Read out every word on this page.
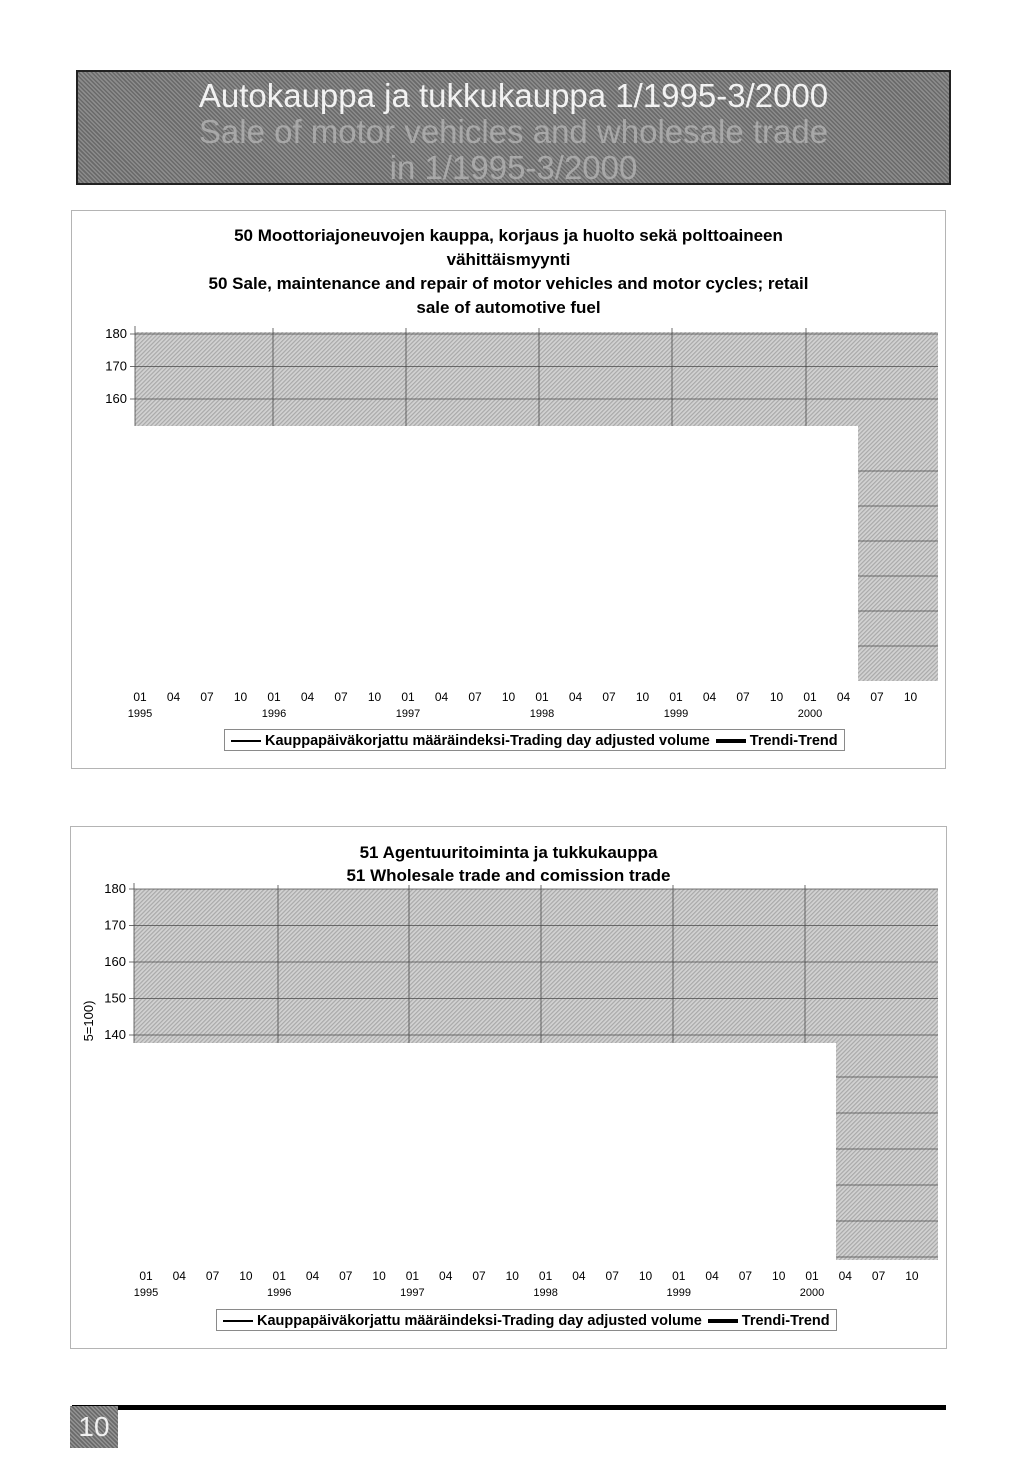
Autokauppa ja tukkukauppa 1/1995-3/2000
Sale of motor vehicles and wholesale trade
in 1/1995-3/2000
50 Moottoriajoneuvojen kauppa, korjaus ja huolto sekä polttoaineen
vähittäismyynti
50 Sale, maintenance and repair of motor vehicles and motor cycles; retail
sale of automotive fuel
180
170
160
01 04 07 10 01 04 07 10 01 04 07 10 01 04 07 10 01 04 07 10 01 04 07 10
1995	1996	1997	1998	1999	2000
Kauppapäiväkorjattu määräindeksi-Trading day adjusted volume	Trendi-Trend
51 Agentuuritoiminta ja tukkukauppa
51 Wholesale trade and comission trade
180
170
160
150
140
5=100)
01 04 07 10 01 04 07 10 01 04 07 10 01 04 07 10 01 04 07 10 01 04 07 10
1995	1996	1997	1998	1999	2000
Kauppapäiväkorjattu määräindeksi-Trading day adjusted volume	Trendi-Trend
10
